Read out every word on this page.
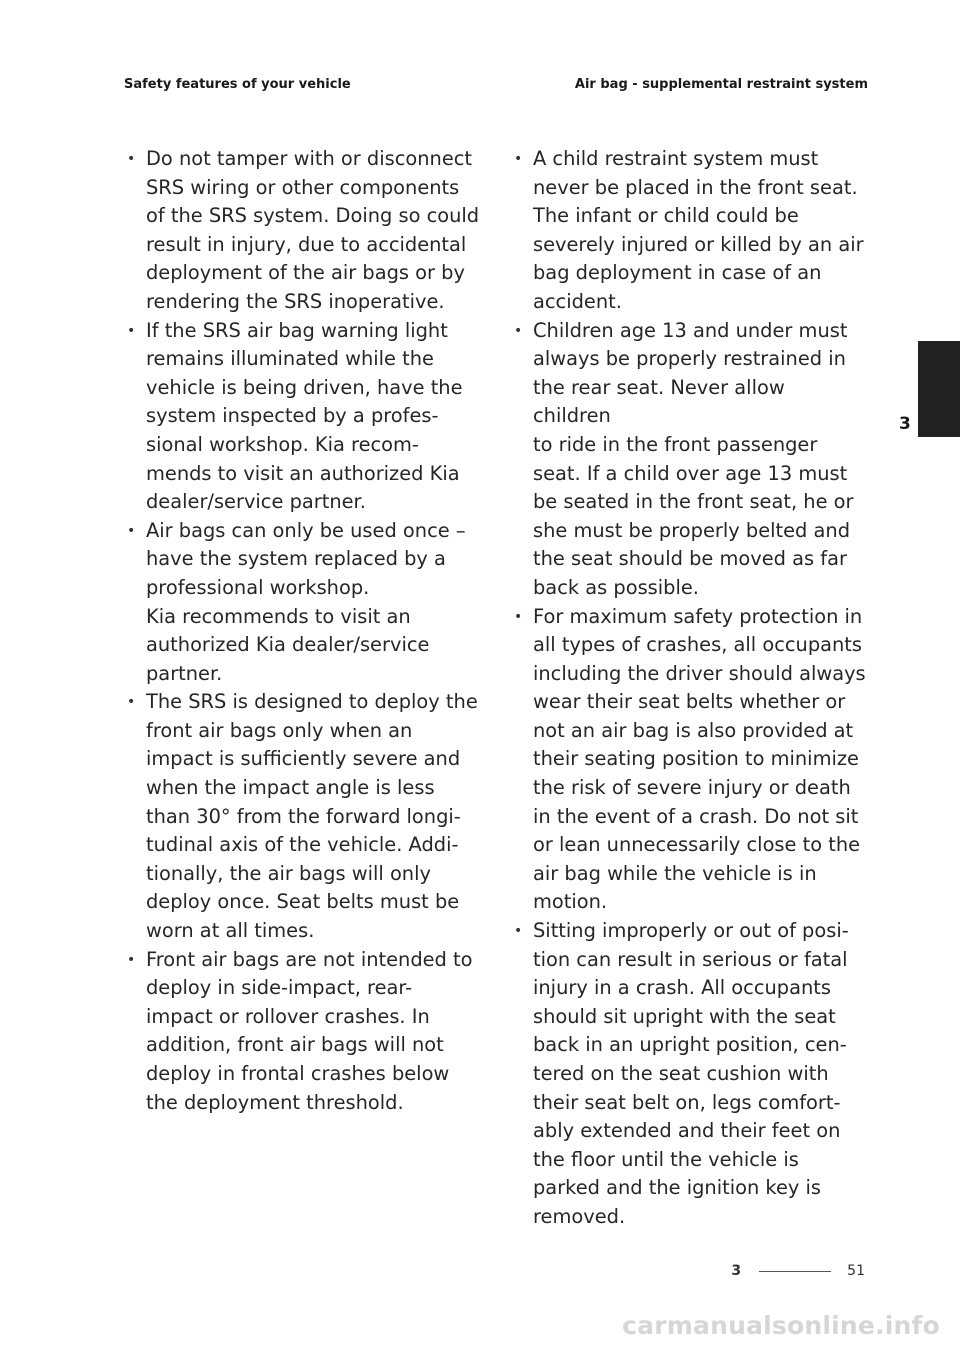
Safety features of your vehicle	Air bag - supplemental restraint system
• Do not tamper with or disconnect
SRS wiring or other components
of the SRS system. Doing so could
result in injury, due to accidental
deployment of the air bags or by
rendering the SRS inoperative.
• If the SRS air bag warning light
remains illuminated while the
vehicle is being driven, have the
system inspected by a profes‑
sional workshop. Kia recom‑
mends to visit an authorized Kia
dealer/service partner.
• Air bags can only be used once –
have the system replaced by a
professional workshop.
Kia recommends to visit an
authorized Kia dealer/service
partner.
• The SRS is designed to deploy the
front air bags only when an
impact is sufficiently severe and
when the impact angle is less
than 30° from the forward longi‑
tudinal axis of the vehicle. Addi‑
tionally, the air bags will only
deploy once. Seat belts must be
worn at all times.
• Front air bags are not intended to
deploy in side-impact, rear-
impact or rollover crashes. In
addition, front air bags will not
deploy in frontal crashes below
the deployment threshold.
• A child restraint system must
never be placed in the front seat.
The infant or child could be
severely injured or killed by an air
bag deployment in case of an
accident.
• Children age 13 and under must
always be properly restrained in
the rear seat. Never allow children
to ride in the front passenger
seat. If a child over age 13 must
be seated in the front seat, he or
she must be properly belted and
the seat should be moved as far
back as possible.
• For maximum safety protection in
all types of crashes, all occupants
including the driver should always
wear their seat belts whether or
not an air bag is also provided at
their seating position to minimize
the risk of severe injury or death
in the event of a crash. Do not sit
or lean unnecessarily close to the
air bag while the vehicle is in
motion.
• Sitting improperly or out of posi‑
tion can result in serious or fatal
injury in a crash. All occupants
should sit upright with the seat
back in an upright position, cen‑
tered on the seat cushion with
their seat belt on, legs comfort‑
ably extended and their feet on
the floor until the vehicle is
parked and the ignition key is
removed.
3
3	51
carmanualsonline.info
